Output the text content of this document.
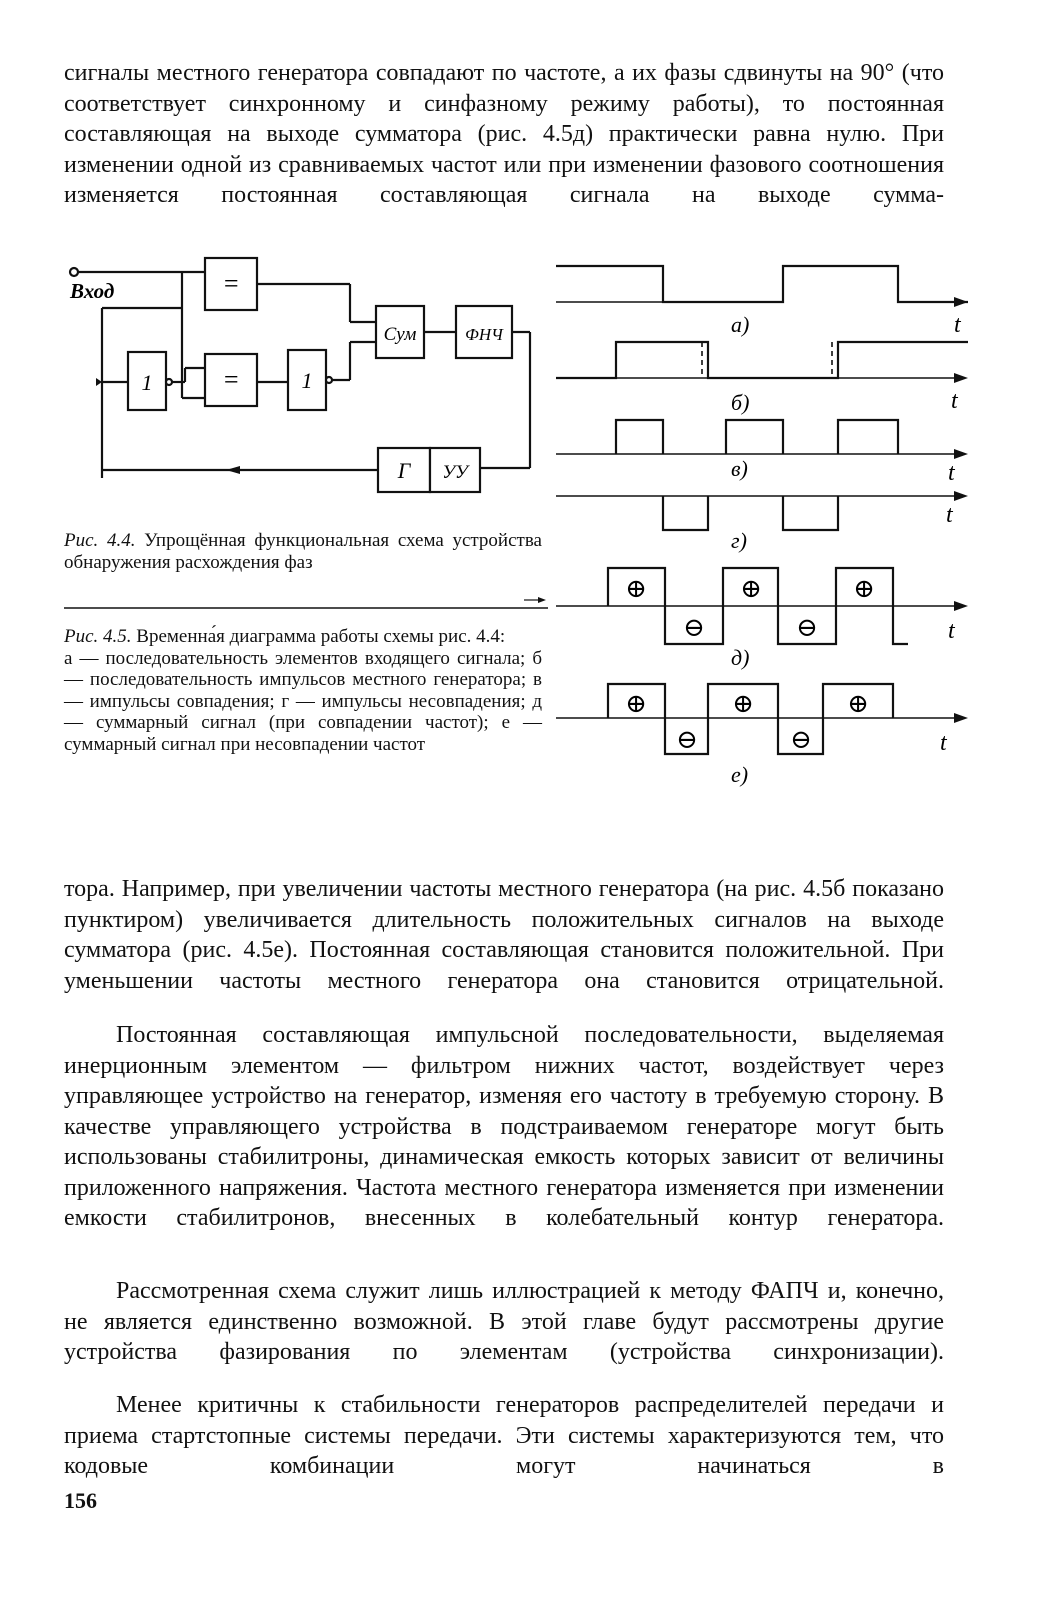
сигналы местного генератора совпадают по частоте, а их фазы сдвинуты на 90° (что соответствует синхронному и синфазному режиму работы), то постоянная составляющая на выходе сумматора (рис. 4.5д) практически равна нулю. При изменении одной из сравниваемых частот или при изменении фазового соотношения изменяется постоянная составляющая сигнала на выходе сумма-

Вход	=
=
1	1
Сум	ФНЧ
Г УУ

Рис. 4.4. Упрощённая функциональная схема устройства обнаружения расхождения фаз

Рис. 4.5. Временна́я диаграмма работы схемы рис. 4.4:
а — последовательность элементов входящего сигнала; б — последовательность импульсов местного генератора; в — импульсы совпадения; г — импульсы несовпадения; д — суммарный сигнал (при совпадении частот); е — суммарный сигнал при несовпадении частот
а)
б)
в)
г)
д)
е)
t
t
t
t
t
t
⊕	⊕	⊕
⊖	⊖
⊕	⊕	⊕
⊖	⊖

тора. Например, при увеличении частоты местного генератора (на рис. 4.5б показано пунктиром) увеличивается длительность положительных сигналов на выходе сумматора (рис. 4.5е). Постоянная составляющая становится положительной. При уменьшении частоты местного генератора она становится отрицательной.

Постоянная составляющая импульсной последовательности, выделяемая инерционным элементом — фильтром нижних частот, воздействует через управляющее устройство на генератор, изменяя его частоту в требуемую сторону. В качестве управляющего устройства в подстраиваемом генераторе могут быть использованы стабилитроны, динамическая емкость которых зависит от величины приложенного напряжения. Частота местного генератора изменяется при изменении емкости стабилитронов, внесенных в колебательный контур генератора.

Рассмотренная схема служит лишь иллюстрацией к методу ФАПЧ и, конечно, не является единственно возможной. В этой главе будут рассмотрены другие устройства фазирования по элементам (устройства синхронизации).

Менее критичны к стабильности генераторов распределителей передачи и приема стартстопные системы передачи. Эти системы характеризуются тем, что кодовые комбинации могут начинаться в

156
